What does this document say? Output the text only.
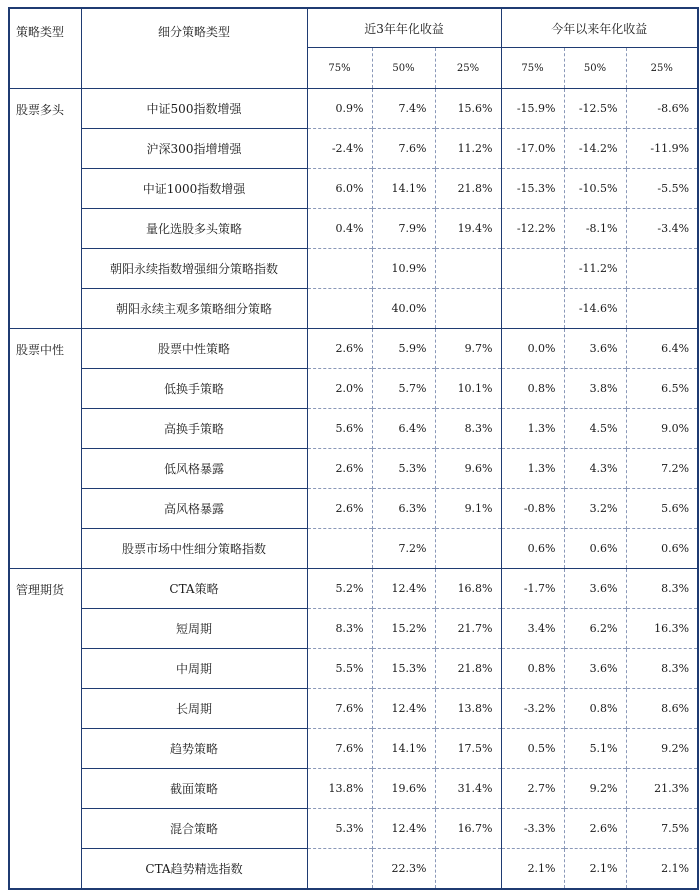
策略类型	细分策略类型	近3年年化收益			今年以来年化收益		
		75%	50%	25%	75%	50%	25%
股票多头	中证500指数增强	0.9%	7.4%	15.6%	-15.9%	-12.5%	-8.6%
	沪深300指增增强	-2.4%	7.6%	11.2%	-17.0%	-14.2%	-11.9%
	中证1000指数增强	6.0%	14.1%	21.8%	-15.3%	-10.5%	-5.5%
	量化选股多头策略	0.4%	7.9%	19.4%	-12.2%	-8.1%	-3.4%
	朝阳永续指数增强细分策略指数		10.9%			-11.2%	
	朝阳永续主观多策略细分策略		40.0%			-14.6%	
股票中性	股票中性策略	2.6%	5.9%	9.7%	0.0%	3.6%	6.4%
	低换手策略	2.0%	5.7%	10.1%	0.8%	3.8%	6.5%
	高换手策略	5.6%	6.4%	8.3%	1.3%	4.5%	9.0%
	低风格暴露	2.6%	5.3%	9.6%	1.3%	4.3%	7.2%
	高风格暴露	2.6%	6.3%	9.1%	-0.8%	3.2%	5.6%
	股票市场中性细分策略指数		7.2%		0.6%	0.6%	0.6%
管理期货	CTA策略	5.2%	12.4%	16.8%	-1.7%	3.6%	8.3%
	短周期	8.3%	15.2%	21.7%	3.4%	6.2%	16.3%
	中周期	5.5%	15.3%	21.8%	0.8%	3.6%	8.3%
	长周期	7.6%	12.4%	13.8%	-3.2%	0.8%	8.6%
	趋势策略	7.6%	14.1%	17.5%	0.5%	5.1%	9.2%
	截面策略	13.8%	19.6%	31.4%	2.7%	9.2%	21.3%
	混合策略	5.3%	12.4%	16.7%	-3.3%	2.6%	7.5%
	CTA趋势精选指数		22.3%		2.1%	2.1%	2.1%
